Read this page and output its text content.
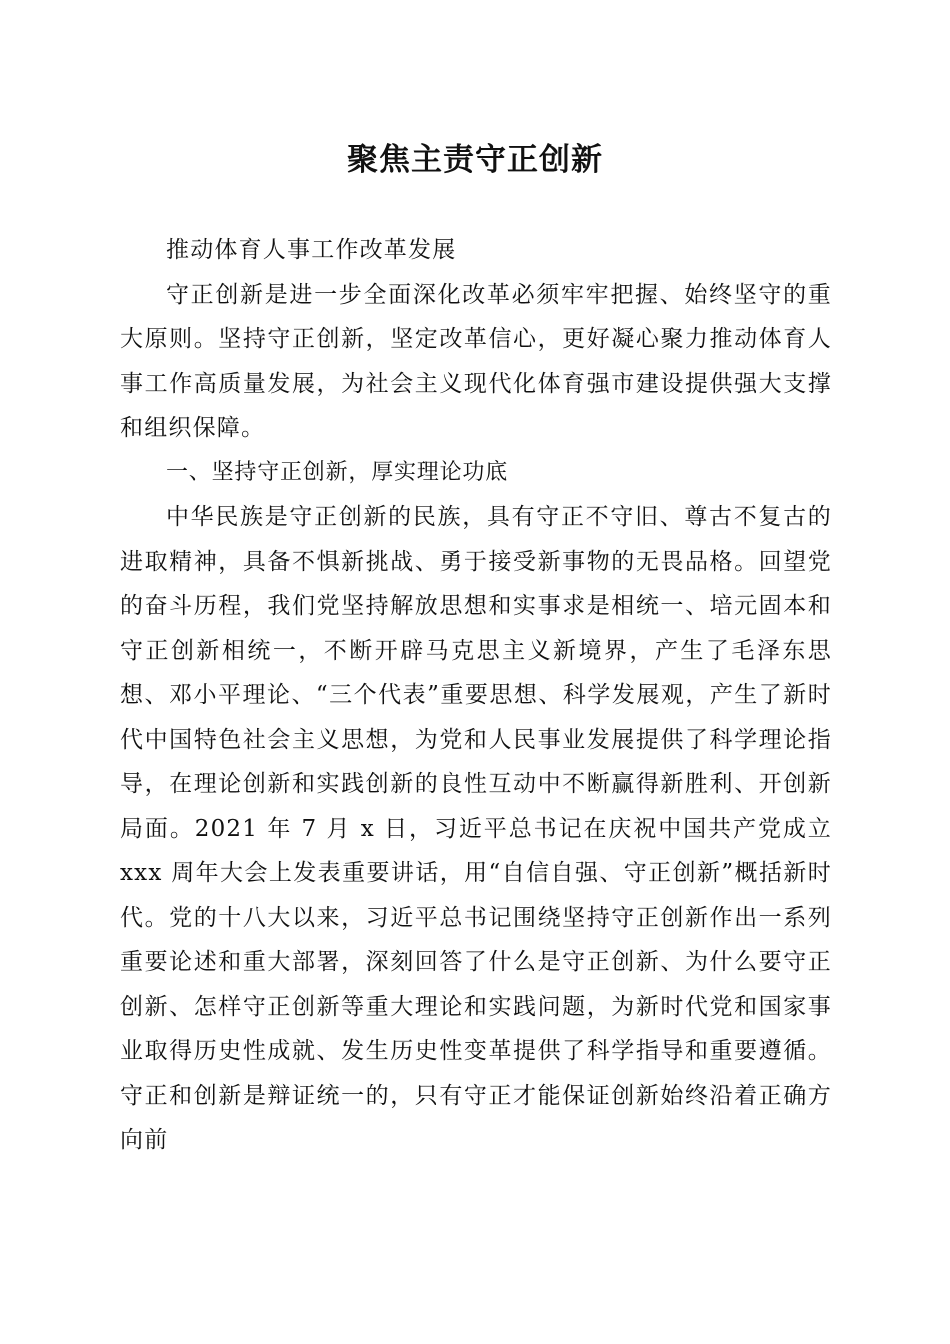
聚焦主责守正创新

推动体育人事工作改革发展

守正创新是进一步全面深化改革必须牢牢把握、始终坚守的重大原则。坚持守正创新，坚定改革信心，更好凝心聚力推动体育人事工作高质量发展，为社会主义现代化体育强市建设提供强大支撑和组织保障。

一、坚持守正创新，厚实理论功底

中华民族是守正创新的民族，具有守正不守旧、尊古不复古的进取精神，具备不惧新挑战、勇于接受新事物的无畏品格。回望党的奋斗历程，我们党坚持解放思想和实事求是相统一、培元固本和守正创新相统一，不断开辟马克思主义新境界，产生了毛泽东思想、邓小平理论、“三个代表”重要思想、科学发展观，产生了新时代中国特色社会主义思想，为党和人民事业发展提供了科学理论指导，在理论创新和实践创新的良性互动中不断赢得新胜利、开创新局面。2021 年 7 月 x 日，习近平总书记在庆祝中国共产党成立 xxx 周年大会上发表重要讲话，用“自信自强、守正创新”概括新时代。党的十八大以来，习近平总书记围绕坚持守正创新作出一系列重要论述和重大部署，深刻回答了什么是守正创新、为什么要守正创新、怎样守正创新等重大理论和实践问题，为新时代党和国家事业取得历史性成就、发生历史性变革提供了科学指导和重要遵循。守正和创新是辩证统一的，只有守正才能保证创新始终沿着正确方向前
